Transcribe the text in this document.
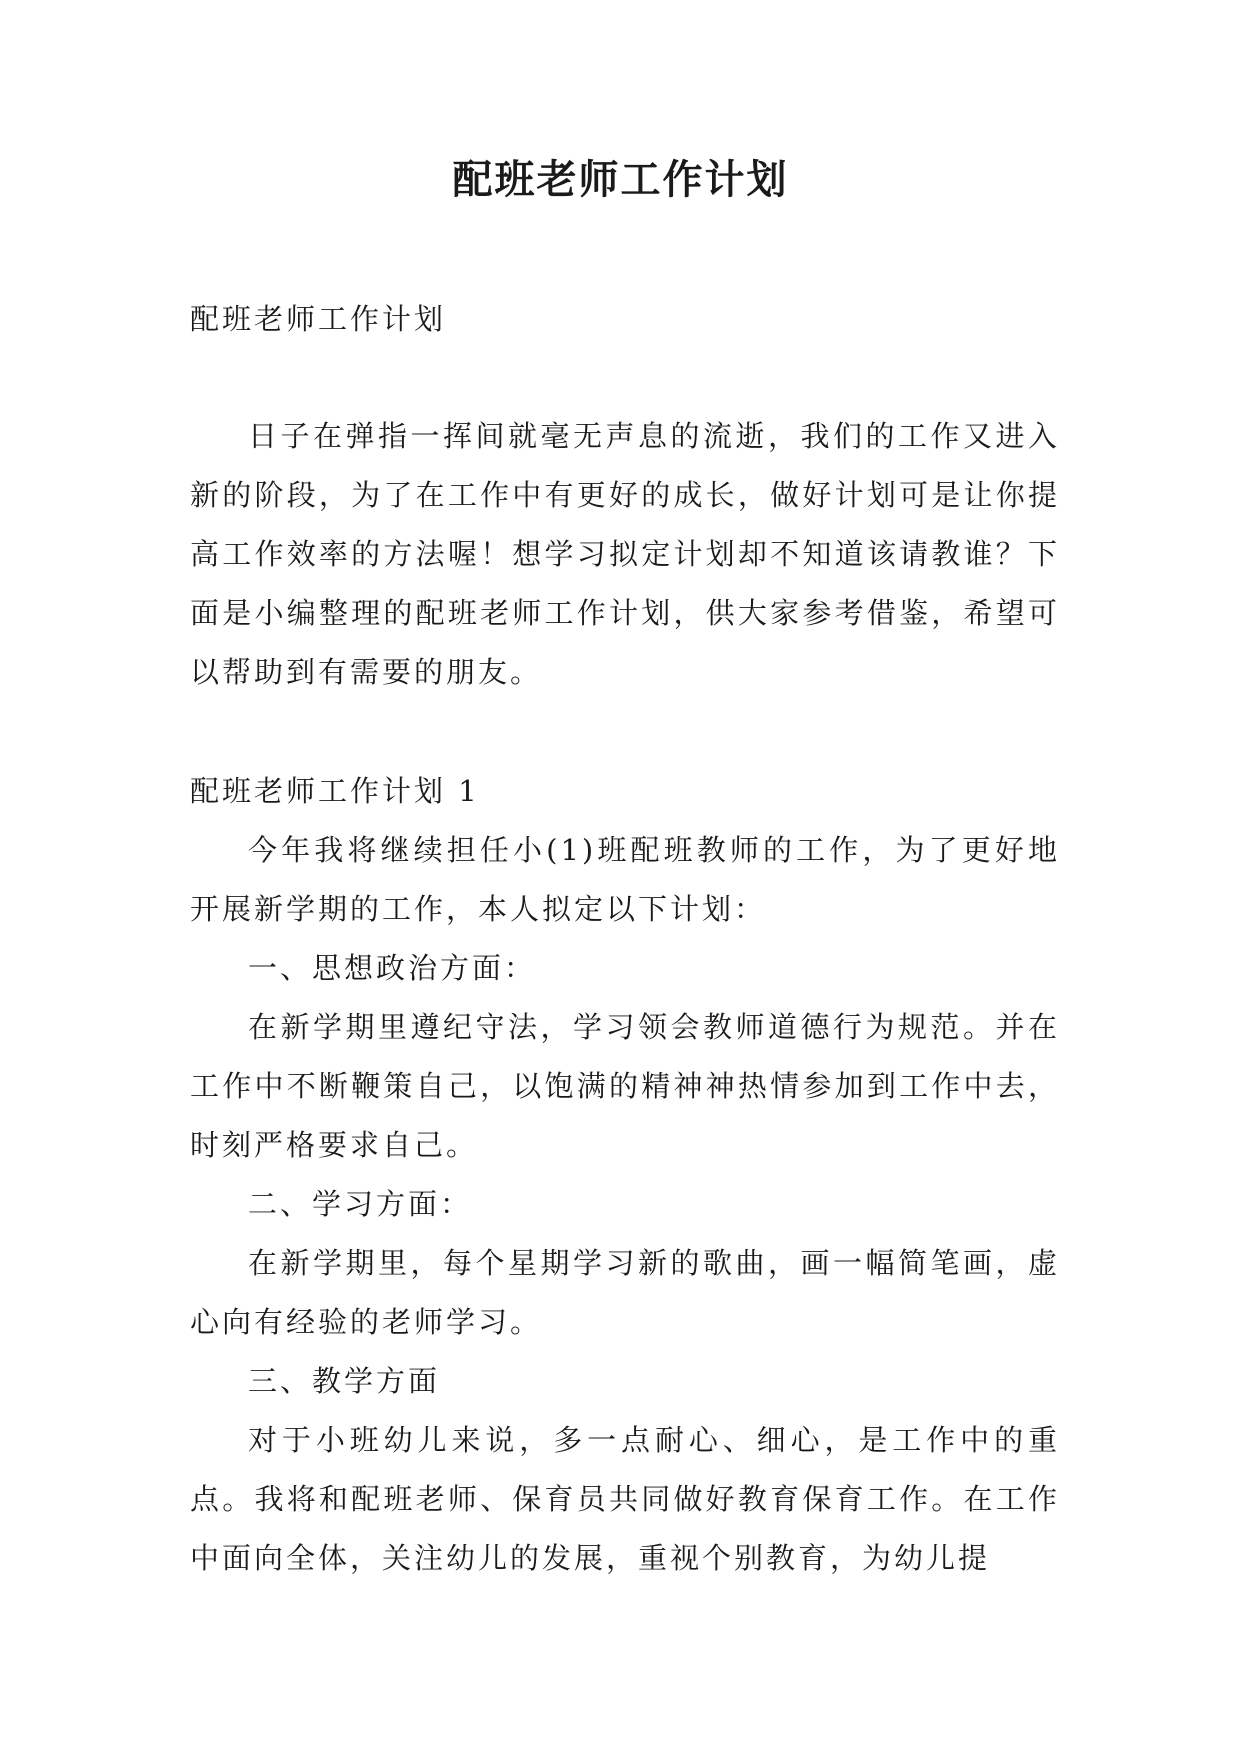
配班老师工作计划

配班老师工作计划

日子在弹指一挥间就毫无声息的流逝，我们的工作又进入新的阶段，为了在工作中有更好的成长，做好计划可是让你提高工作效率的方法喔！想学习拟定计划却不知道该请教谁？下面是小编整理的配班老师工作计划，供大家参考借鉴，希望可以帮助到有需要的朋友。

配班老师工作计划 1

今年我将继续担任小(1)班配班教师的工作，为了更好地开展新学期的工作，本人拟定以下计划：

一、思想政治方面：

在新学期里遵纪守法，学习领会教师道德行为规范。并在工作中不断鞭策自己，以饱满的精神神热情参加到工作中去，时刻严格要求自己。

二、学习方面：

在新学期里，每个星期学习新的歌曲，画一幅简笔画，虚心向有经验的老师学习。

三、教学方面

对于小班幼儿来说，多一点耐心、细心，是工作中的重点。我将和配班老师、保育员共同做好教育保育工作。在工作中面向全体，关注幼儿的发展，重视个别教育，为幼儿提
